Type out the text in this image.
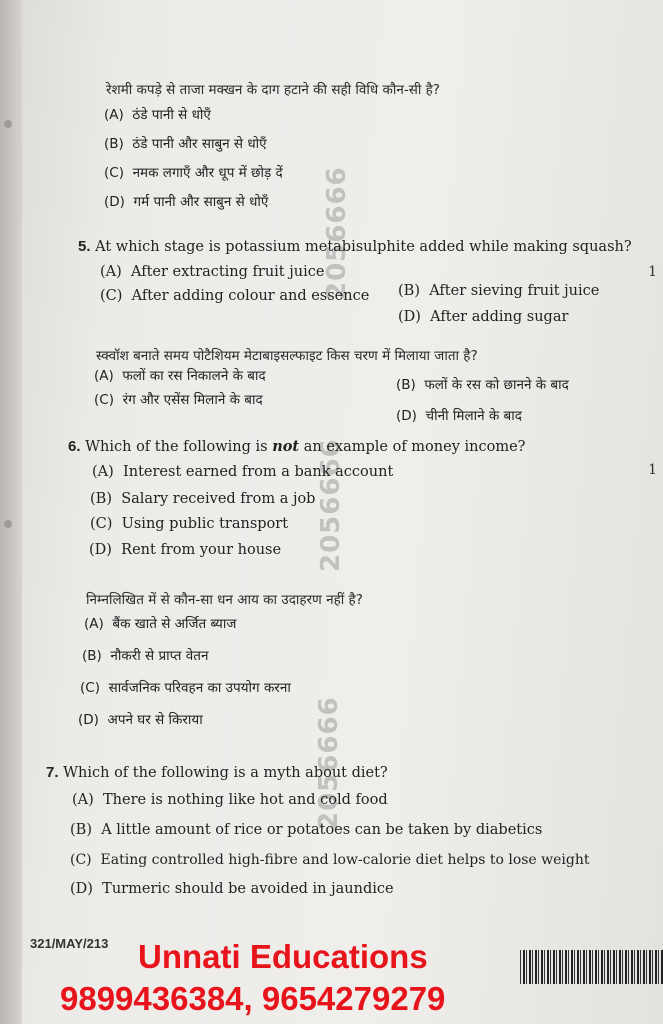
2056666
2056666
2056666
रेशमी कपड़े से ताजा मक्खन के दाग हटाने की सही विधि कौन-सी है?
(A) ठंडे पानी से धोएँ
(B) ठंडे पानी और साबुन से धोएँ
(C) नमक लगाएँ और धूप में छोड़ दें
(D) गर्म पानी और साबुन से धोएँ
5. At which stage is potassium metabisulphite added while making squash?
1
(A) After extracting fruit juice
(B) After sieving fruit juice
(C) After adding colour and essence
(D) After adding sugar
स्क्वॉश बनाते समय पोटैशियम मेटाबाइसल्फाइट किस चरण में मिलाया जाता है?
(A) फलों का रस निकालने के बाद
(B) फलों के रस को छानने के बाद
(C) रंग और एसेंस मिलाने के बाद
(D) चीनी मिलाने के बाद
6. Which of the following is not an example of money income?
1
(A) Interest earned from a bank account
(B) Salary received from a job
(C) Using public transport
(D) Rent from your house
निम्नलिखित में से कौन-सा धन आय का उदाहरण नहीं है?
(A) बैंक खाते से अर्जित ब्याज
(B) नौकरी से प्राप्त वेतन
(C) सार्वजनिक परिवहन का उपयोग करना
(D) अपने घर से किराया
7. Which of the following is a myth about diet?
(A) There is nothing like hot and cold food
(B) A little amount of rice or potatoes can be taken by diabetics
(C) Eating controlled high-fibre and low-calorie diet helps to lose weight
(D) Turmeric should be avoided in jaundice
321/MAY/213 Unnati Educations
9899436384, 9654279279
